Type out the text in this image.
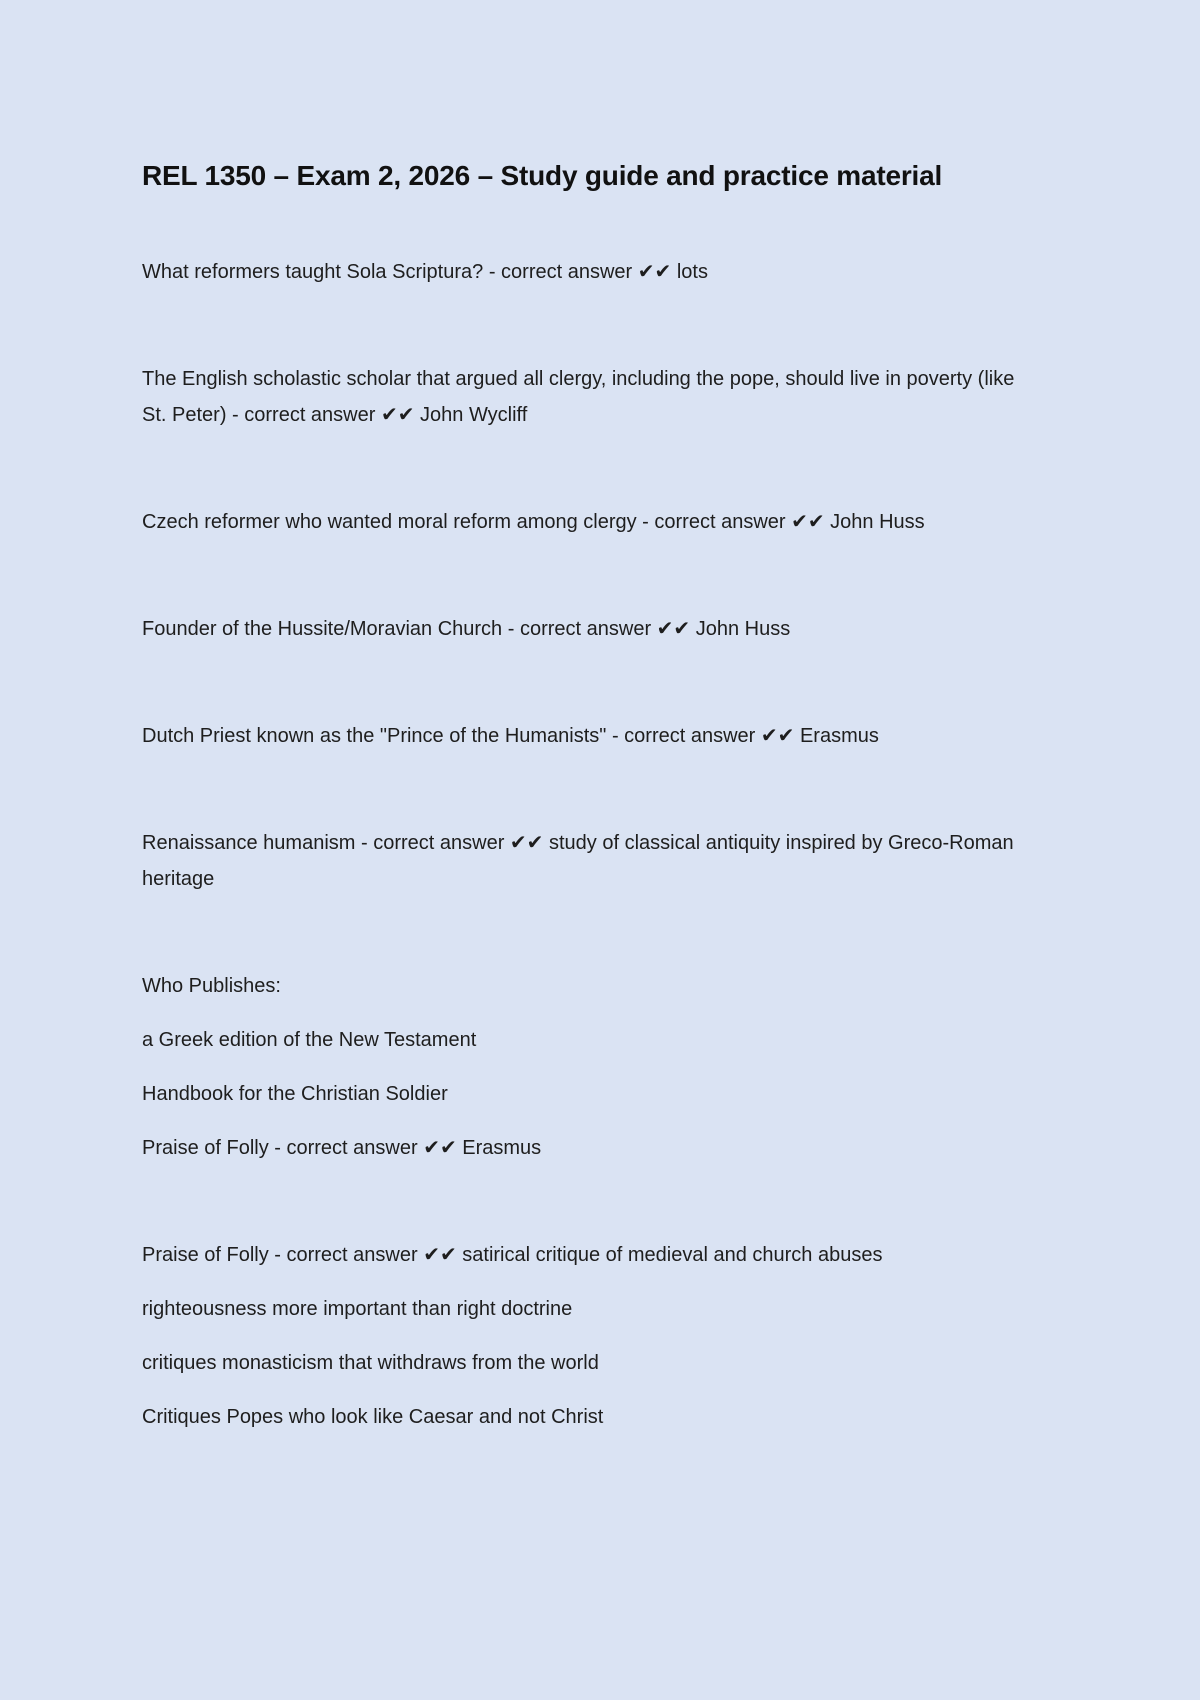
REL 1350 – Exam 2, 2026 – Study guide and practice material

What reformers taught Sola Scriptura? - correct answer ✔✔ lots

The English scholastic scholar that argued all clergy, including the pope, should live in poverty (like St. Peter) - correct answer ✔✔ John Wycliff

Czech reformer who wanted moral reform among clergy - correct answer ✔✔ John Huss

Founder of the Hussite/Moravian Church - correct answer ✔✔ John Huss

Dutch Priest known as the "Prince of the Humanists" - correct answer ✔✔ Erasmus

Renaissance humanism - correct answer ✔✔ study of classical antiquity inspired by Greco-Roman heritage

Who Publishes:
a Greek edition of the New Testament
Handbook for the Christian Soldier
Praise of Folly - correct answer ✔✔ Erasmus
Praise of Folly - correct answer ✔✔ satirical critique of medieval and church abuses
righteousness more important than right doctrine
critiques monasticism that withdraws from the world
Critiques Popes who look like Caesar and not Christ
